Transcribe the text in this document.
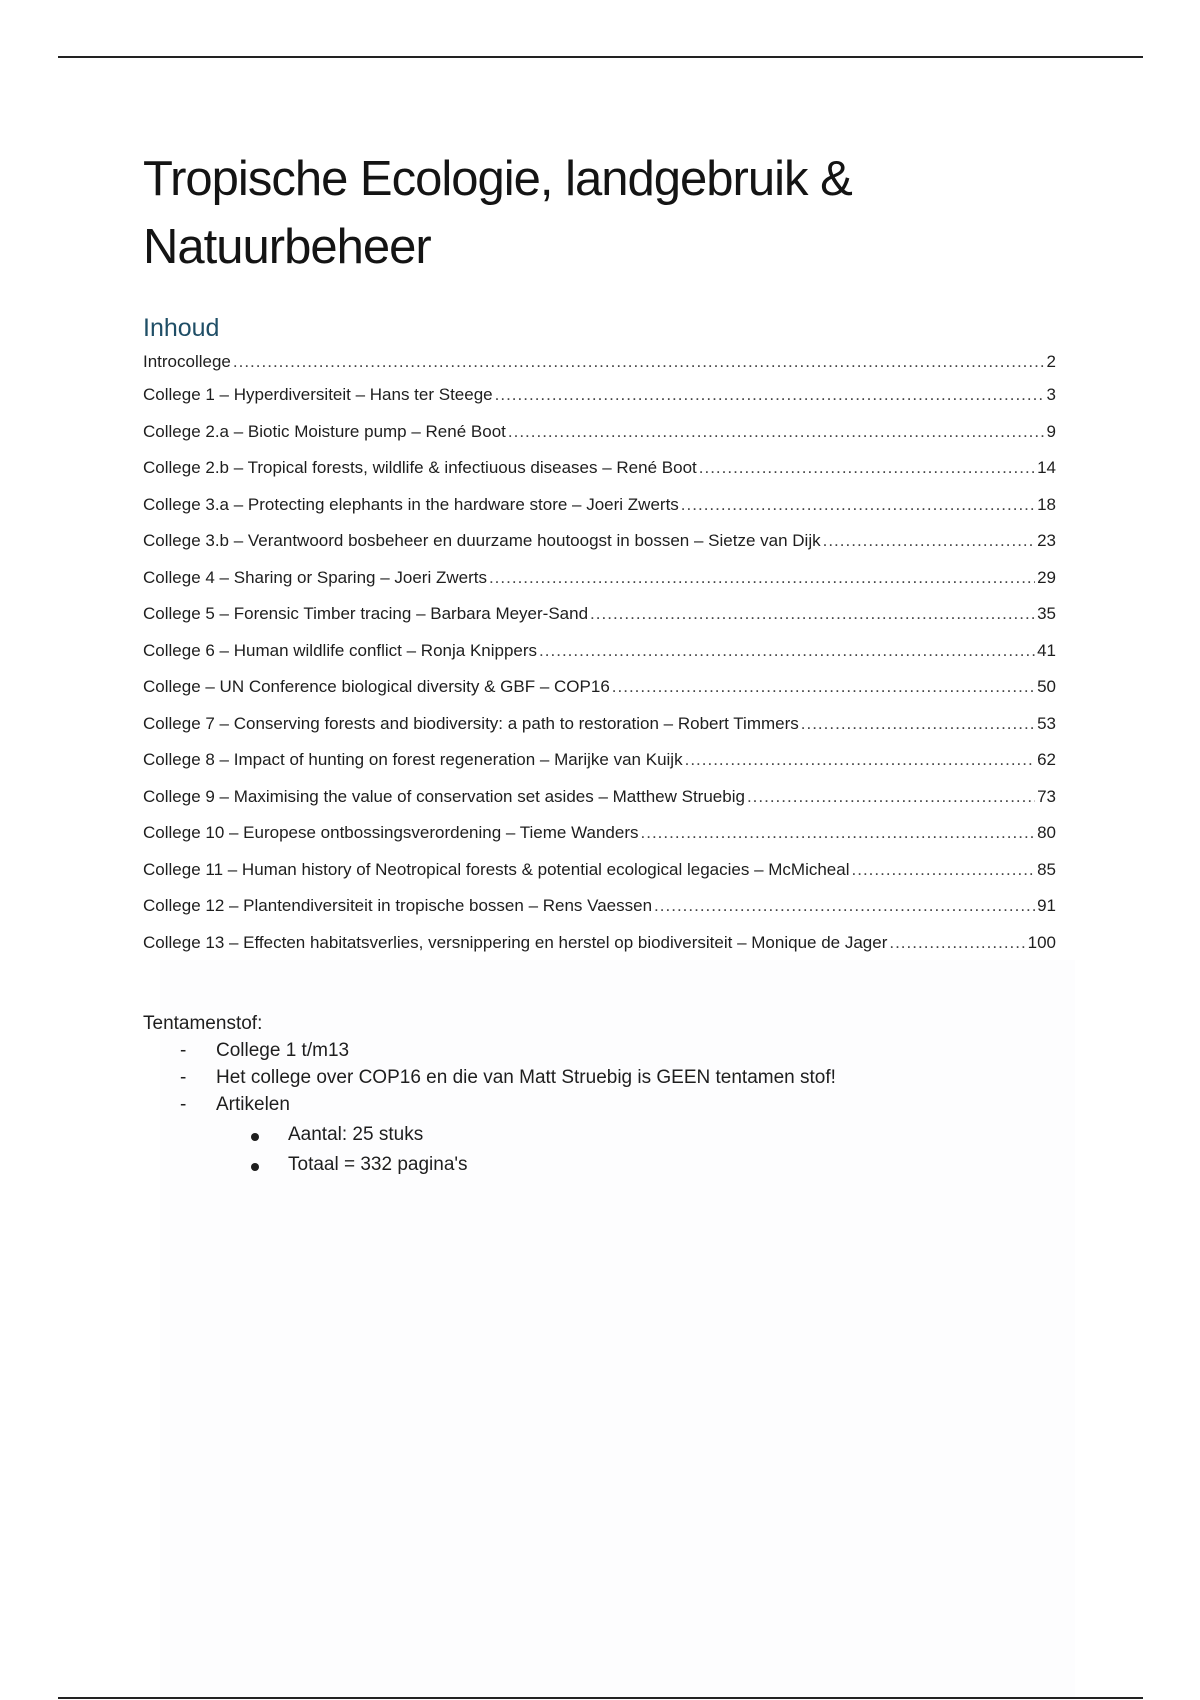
Tropische Ecologie, landgebruik & Natuurbeheer
Inhoud
Introcollege .....	2
College 1 – Hyperdiversiteit – Hans ter Steege .....	3
College 2.a – Biotic Moisture pump – René Boot .....	9
College 2.b – Tropical forests, wildlife & infectiuous diseases – René Boot .....	14
College 3.a – Protecting elephants in the hardware store – Joeri Zwerts .....	18
College 3.b – Verantwoord bosbeheer en duurzame houtoogst in bossen – Sietze van Dijk .....	23
College 4 – Sharing or Sparing – Joeri Zwerts .....	29
College 5 – Forensic Timber tracing – Barbara Meyer-Sand .....	35
College 6 – Human wildlife conflict – Ronja Knippers .....	41
College – UN Conference biological diversity & GBF – COP16 .....	50
College 7 – Conserving forests and biodiversity: a path to restoration – Robert Timmers .....	53
College 8 – Impact of hunting on forest regeneration – Marijke van Kuijk .....	62
College 9 – Maximising the value of conservation set asides – Matthew Struebig .....	73
College 10 – Europese ontbossingsverordening – Tieme Wanders .....	80
College 11 – Human history of Neotropical forests & potential ecological legacies – McMicheal .....	85
College 12 – Plantendiversiteit in tropische bossen – Rens Vaessen .....	91
College 13 – Effecten habitatsverlies, versnippering en herstel op biodiversiteit – Monique de Jager .....	100
Tentamenstof:
- College 1 t/m13
- Het college over COP16 en die van Matt Struebig is GEEN tentamen stof!
- Artikelen
Aantal: 25 stuks
Totaal = 332 pagina's
